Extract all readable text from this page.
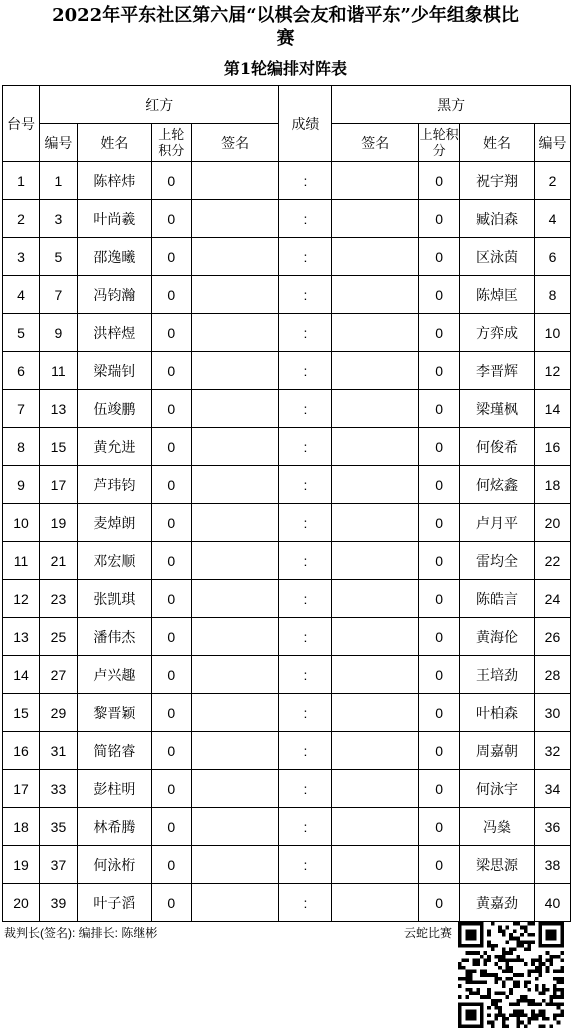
2022年平东社区第六届“以棋会友和谐平东”少年组象棋比
赛
第1轮编排对阵表
台号	红方				成绩	黑方			
	编号	姓名	上轮积分	签名		签名	上轮积分	姓名	编号
1	1	陈梓炜	0		:		0	祝宇翔	2
2	3	叶尚羲	0		:		0	臧泊森	4
3	5	邵逸曦	0		:		0	区泳茵	6
4	7	冯钧瀚	0		:		0	陈焯匡	8
5	9	洪梓煜	0		:		0	方弈成	10
6	11	梁瑞钊	0		:		0	李晋辉	12
7	13	伍竣鹏	0		:		0	梁瑾枫	14
8	15	黄允进	0		:		0	何俊希	16
9	17	芦玮钧	0		:		0	何炫鑫	18
10	19	麦焯朗	0		:		0	卢月平	20
11	21	邓宏顺	0		:		0	雷均全	22
12	23	张凯琪	0		:		0	陈皓言	24
13	25	潘伟杰	0		:		0	黄海伦	26
14	27	卢兴趣	0		:		0	王培劲	28
15	29	黎晋颖	0		:		0	叶柏森	30
16	31	简铭睿	0		:		0	周嘉朝	32
17	33	彭柱明	0		:		0	何泳宇	34
18	35	林希腾	0		:		0	冯燊	36
19	37	何泳桁	0		:		0	梁思源	38
20	39	叶子滔	0		:		0	黄嘉劲	40
裁判长(签名): 编排长: 陈继彬	云蛇比赛
